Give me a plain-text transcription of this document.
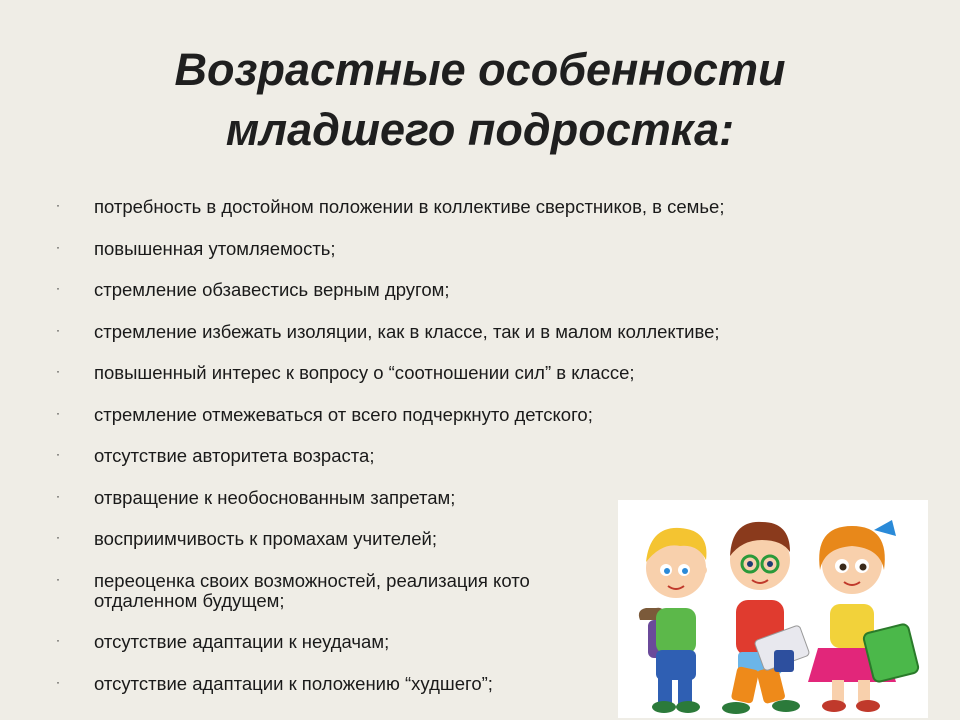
Возрастные особенности
младшего подростка:
·	потребность в достойном положении в коллективе сверстников, в семье;
·	повышенная утомляемость;
·	стремление обзавестись верным другом;
·	стремление избежать изоляции, как в классе, так и в малом коллективе;
·	повышенный интерес к вопросу о “соотношении сил” в классе;
·	стремление отмежеваться от всего подчеркнуто детского;
·	отсутствие авторитета возраста;
·	отвращение к необоснованным запретам;
·	восприимчивость к промахам учителей;
·	переоценка своих возможностей, реализация кото
отдаленном будущем;
·	отсутствие адаптации к неудачам;
·	отсутствие адаптации к положению “худшего”;
